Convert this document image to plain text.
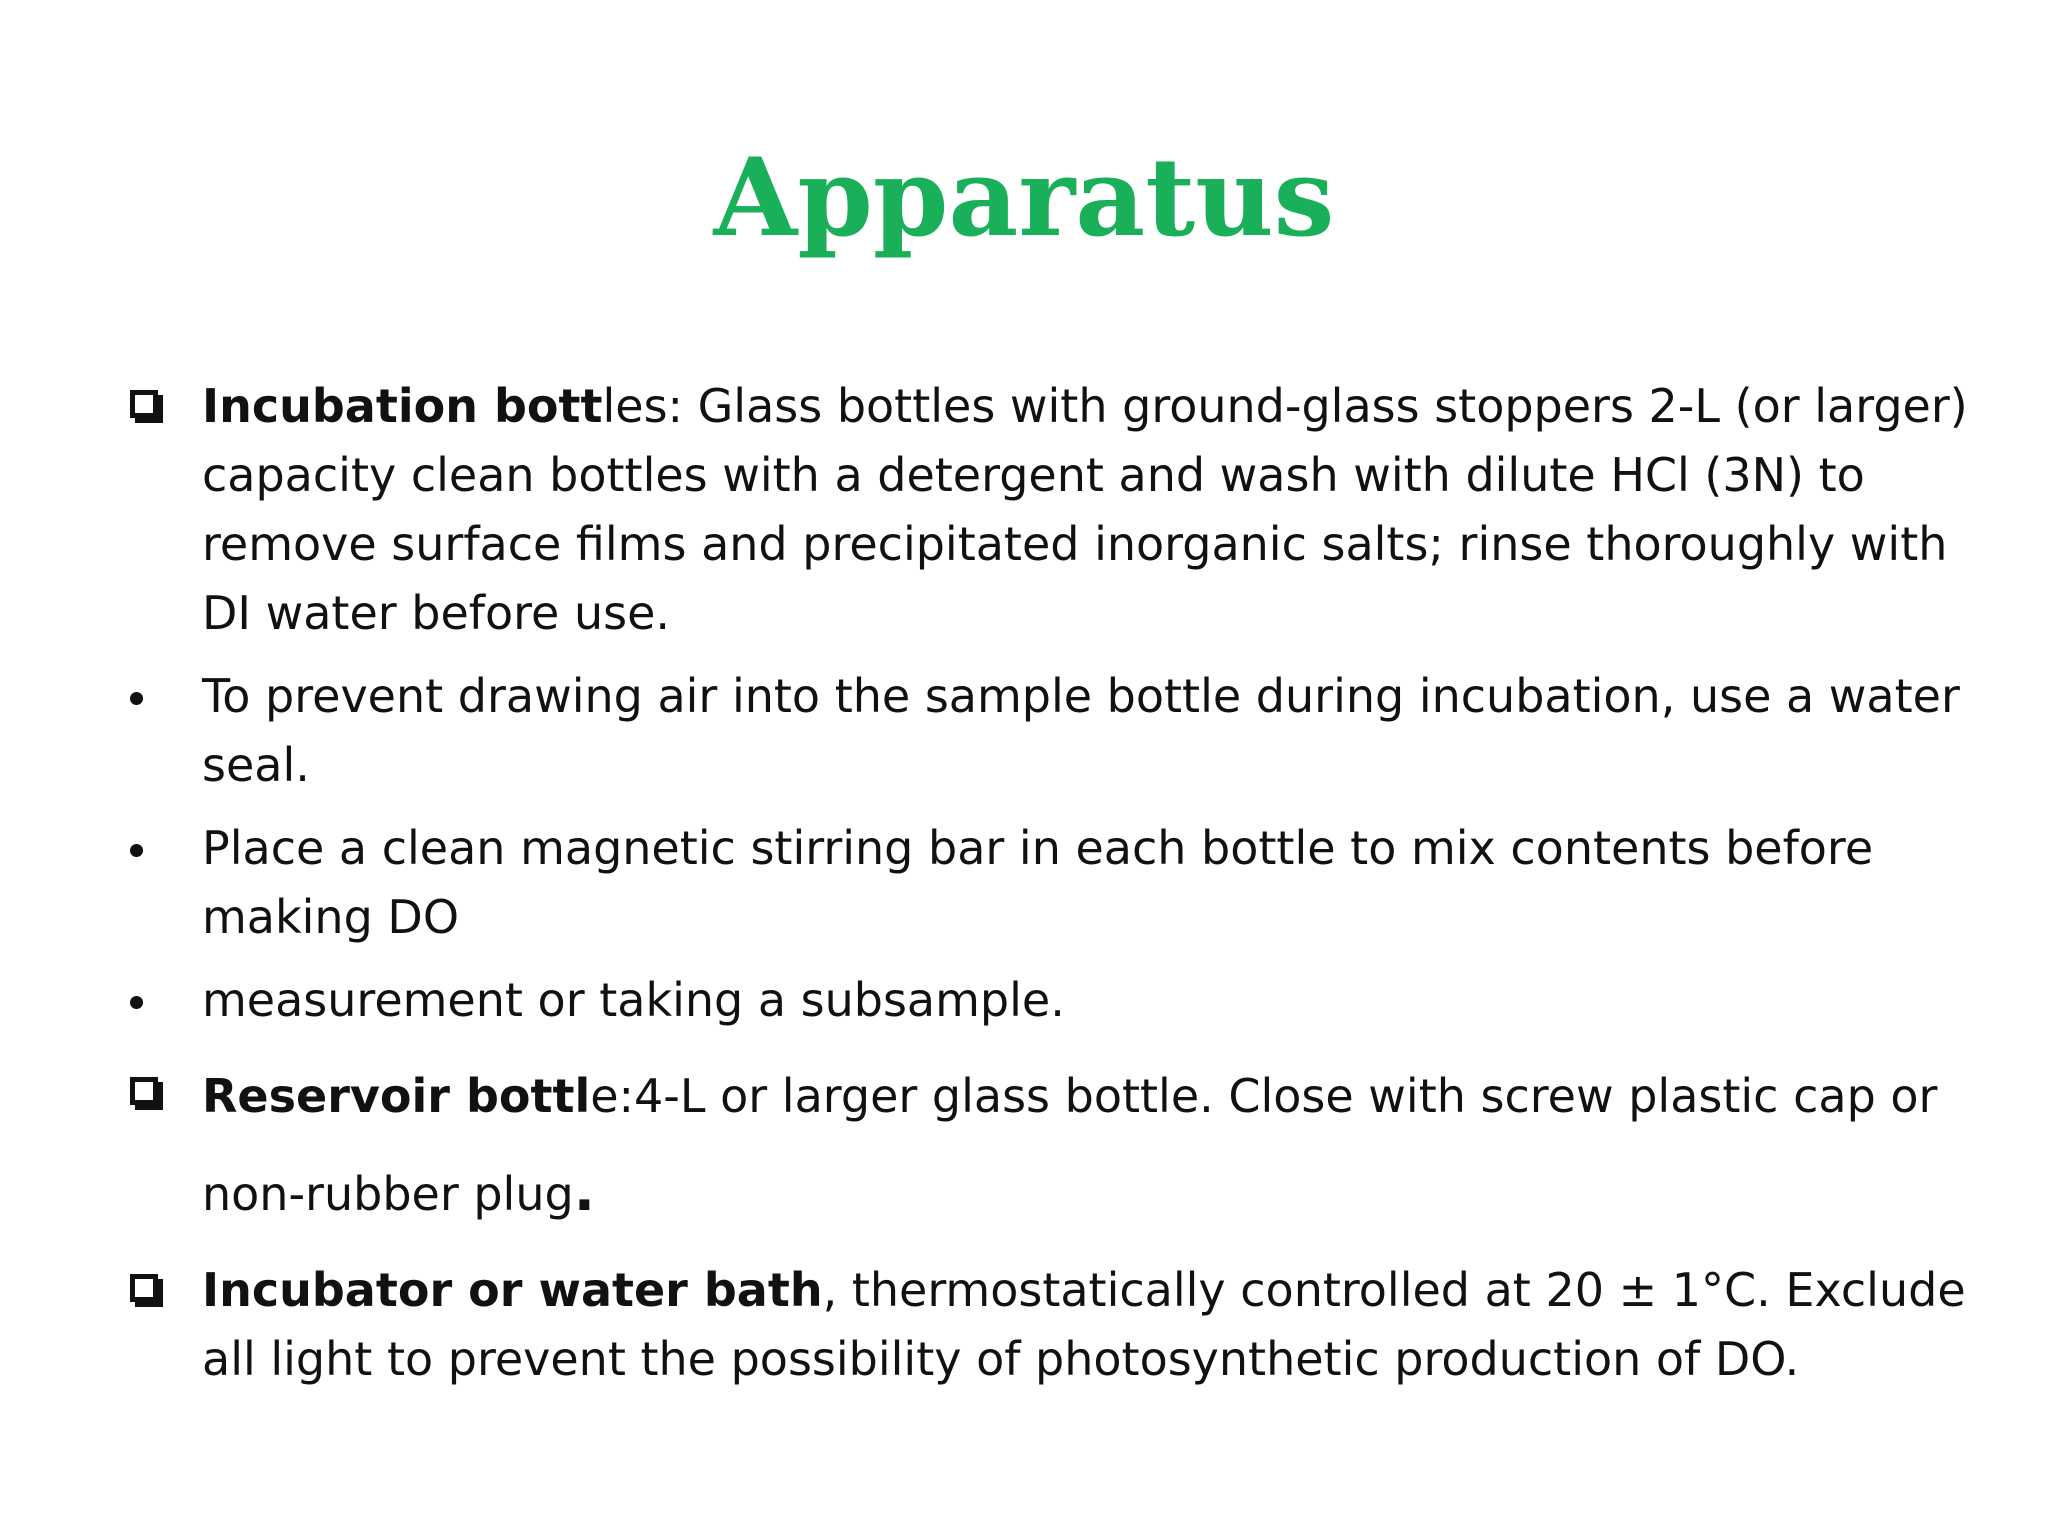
Apparatus
Incubation bottles: Glass bottles with ground-glass stoppers 2-L (or larger) capacity clean bottles with a detergent and wash with dilute HCl (3N) to remove surface films and precipitated inorganic salts; rinse thoroughly with DI water before use.
To prevent drawing air into the sample bottle during incubation, use a water seal.
Place a clean magnetic stirring bar in each bottle to mix contents before making DO
measurement or taking a subsample.
Reservoir bottle:4-L or larger glass bottle. Close with screw plastic cap or non-rubber plug.
Incubator or water bath, thermostatically controlled at 20 ± 1°C. Exclude all light to prevent the possibility of photosynthetic production of DO.
